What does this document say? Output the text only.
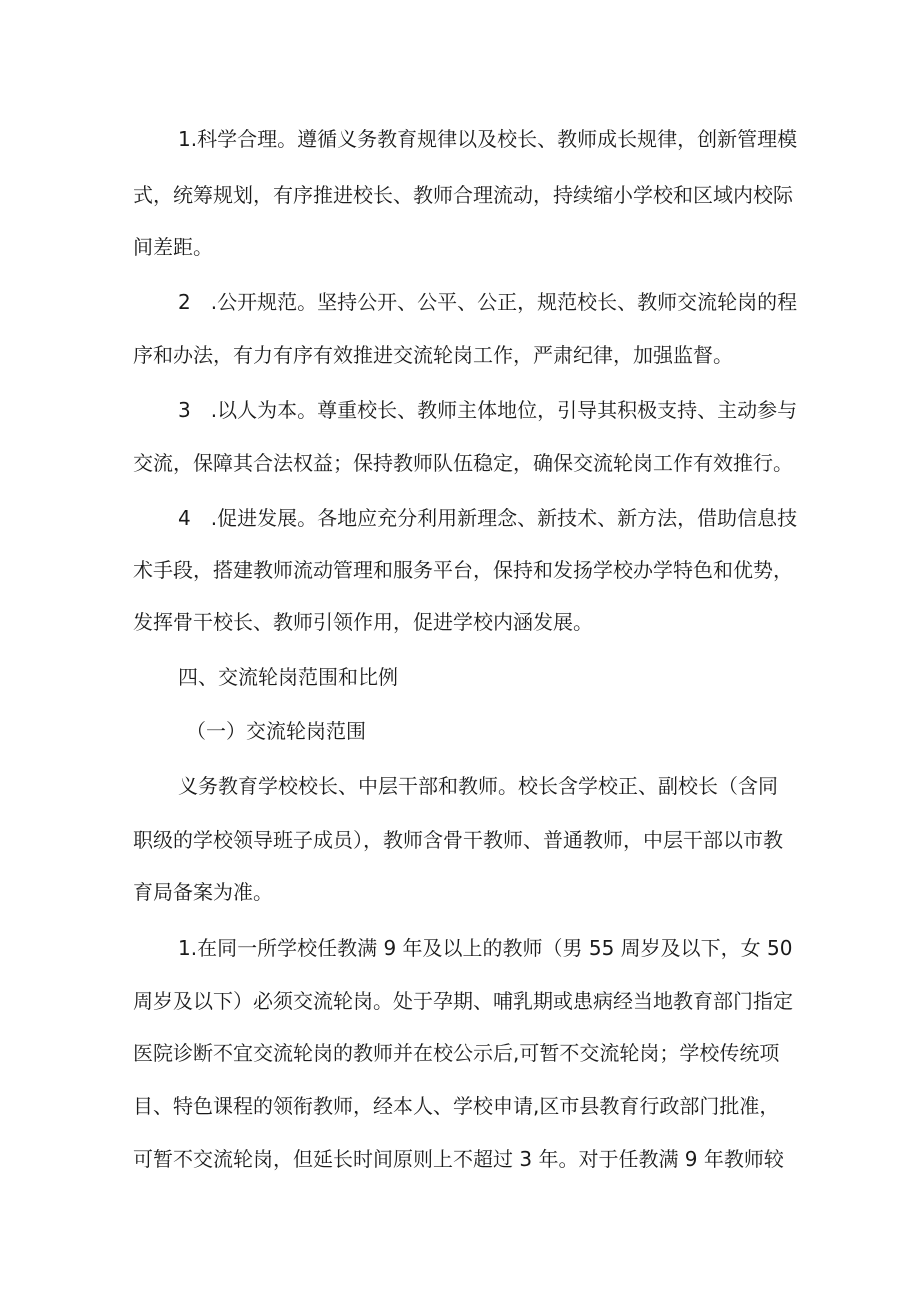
1.科学合理。遵循义务教育规律以及校长、教师成长规律，创新管理模
式，统筹规划，有序推进校长、教师合理流动，持续缩小学校和区域内校际
间差距。
2　.公开规范。坚持公开、公平、公正，规范校长、教师交流轮岗的程
序和办法，有力有序有效推进交流轮岗工作，严肃纪律，加强监督。
3　.以人为本。尊重校长、教师主体地位，引导其积极支持、主动参与
交流，保障其合法权益；保持教师队伍稳定，确保交流轮岗工作有效推行。
4　.促进发展。各地应充分利用新理念、新技术、新方法，借助信息技
术手段，搭建教师流动管理和服务平台，保持和发扬学校办学特色和优势，
发挥骨干校长、教师引领作用，促进学校内涵发展。
四、交流轮岗范围和比例
（一）交流轮岗范围
义务教育学校校长、中层干部和教师。校长含学校正、副校长（含同
职级的学校领导班子成员），教师含骨干教师、普通教师，中层干部以市教
育局备案为准。
1.在同一所学校任教满 9 年及以上的教师（男 55 周岁及以下，女 50
周岁及以下）必须交流轮岗。处于孕期、哺乳期或患病经当地教育部门指定
医院诊断不宜交流轮岗的教师并在校公示后,可暂不交流轮岗；学校传统项
目、特色课程的领衔教师，经本人、学校申请,区市县教育行政部门批准，
可暂不交流轮岗，但延长时间原则上不超过 3 年。对于任教满 9 年教师较
